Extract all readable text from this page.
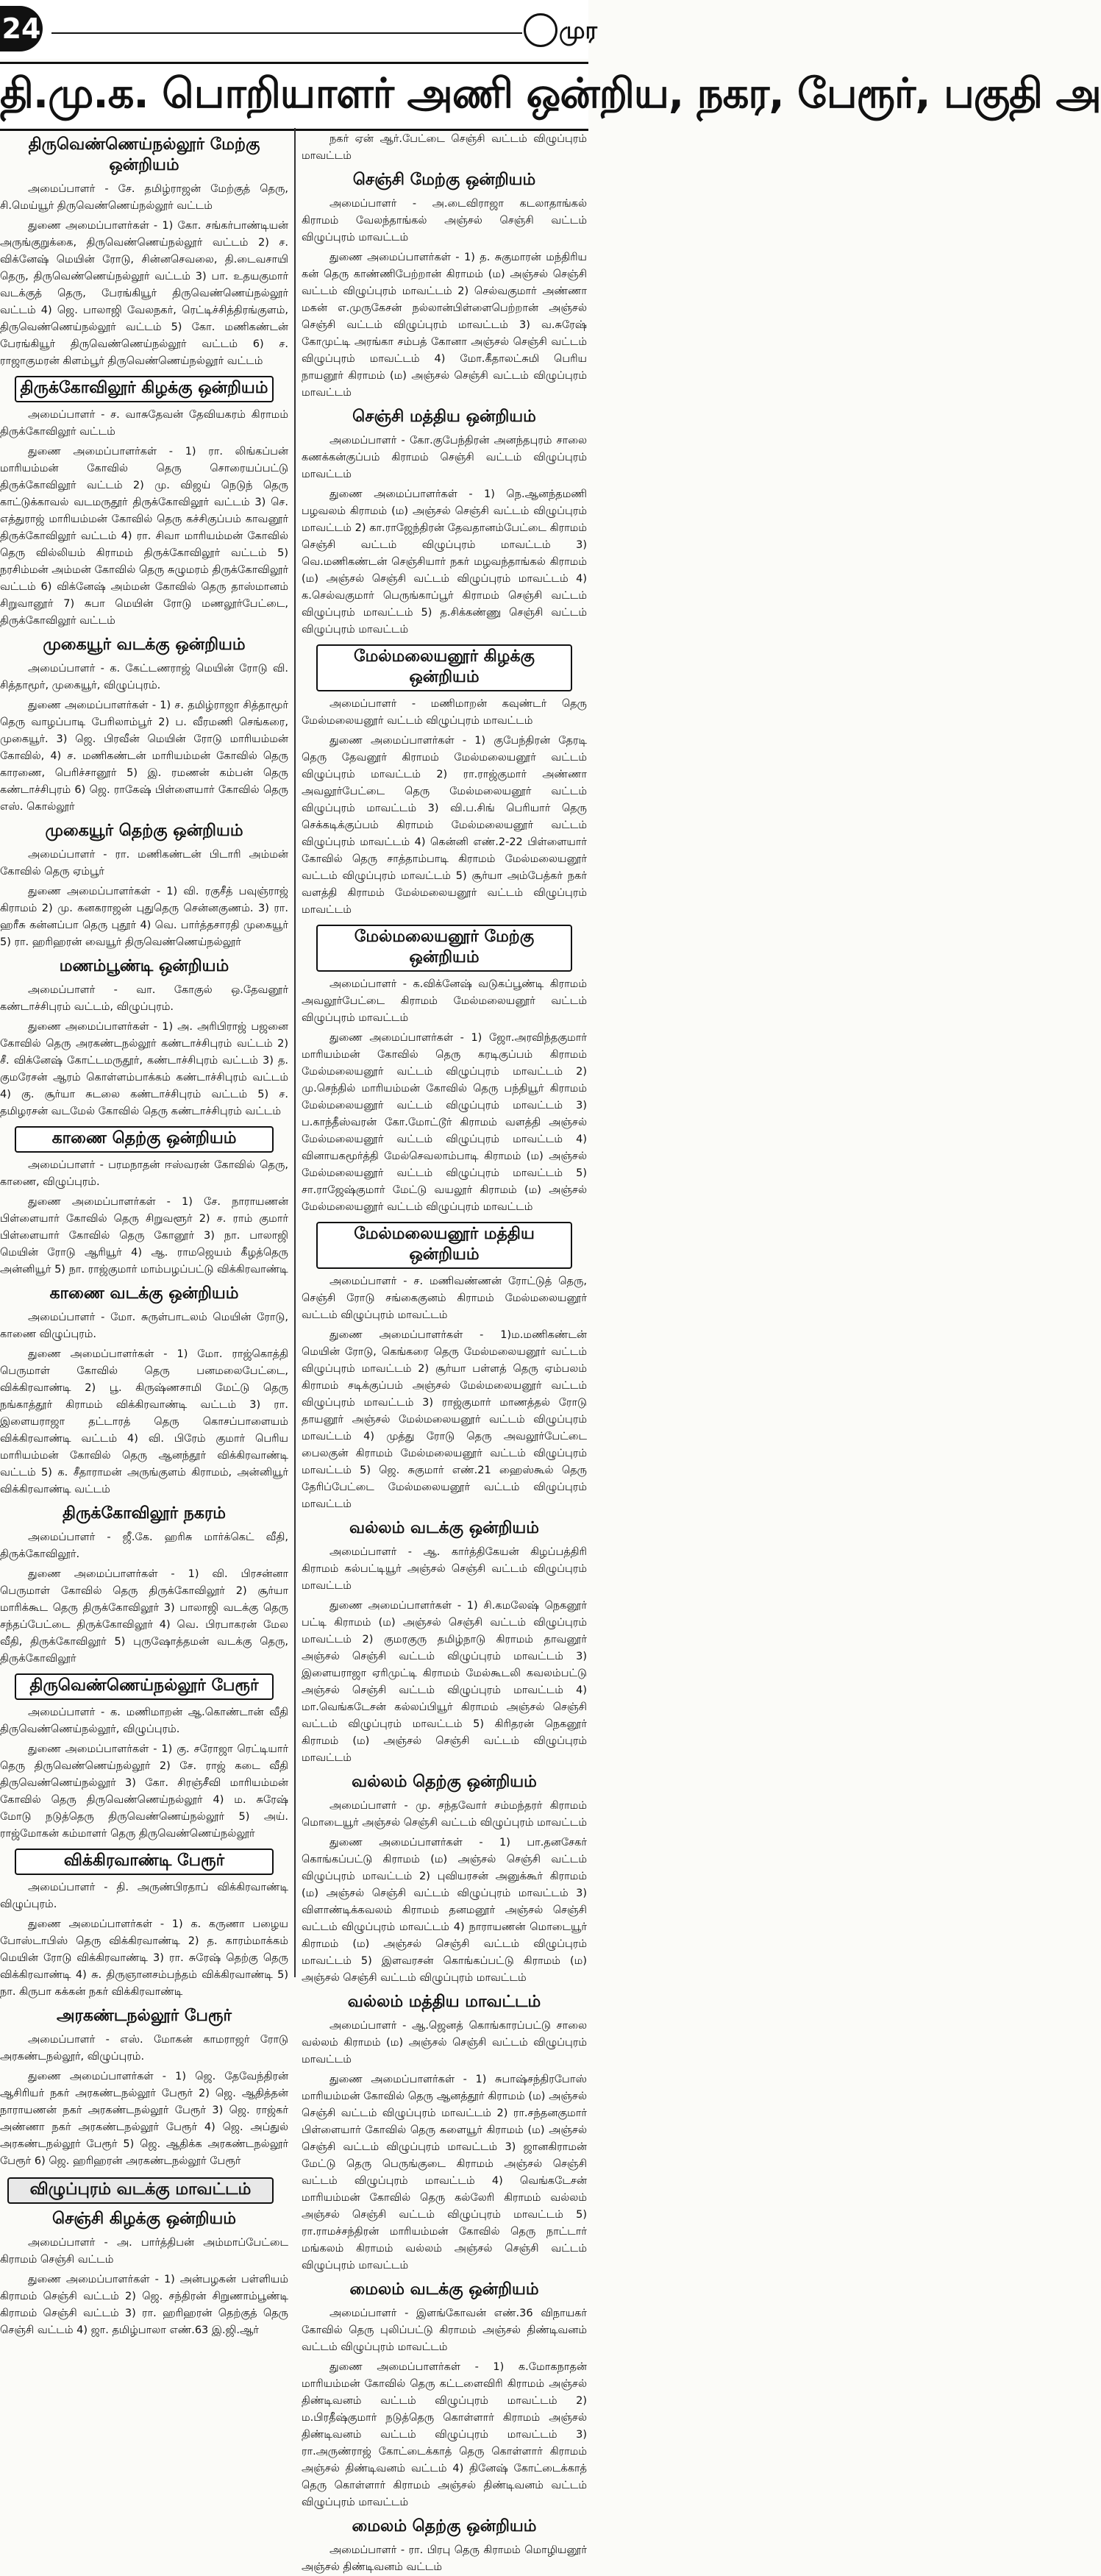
24	முர
தி.மு.க. பொறியாளர் அணி ஒன்றிய, நகர, பேரூர், பகுதி அ
திருவெண்ணெய்நல்லூர் மேற்கு ஒன்றியம்

அமைப்பாளர் - சே. தமிழ்ராஜன் மேற்குத் தெரு, சி.மெய்யூர் திருவெண்ணெய்நல்லூர் வட்டம்

துணை அமைப்பாளர்கள் - 1) கோ. சங்கர்பாண்டியன் அருங்குறுக்கை, திருவெண்ணெய்நல்லூர் வட்டம் 2) ச. விக்னேஷ் மெயின் ரோடு, சின்னசெவலை, தி.டைவசாயி தெரு, திருவெண்ணெய்நல்லூர் வட்டம் 3) பா. உதயகுமார் வடக்குத் தெரு, பேரங்கியூர் திருவெண்ணெய்நல்லூர் வட்டம் 4) ஜெ. பாலாஜி வேலநகர், ரெட்டிச்சித்திரங்குளம், திருவெண்ணெய்நல்லூர் வட்டம் 5) கோ. மணிகண்டன் பேரங்கியூர் திருவெண்ணெய்நல்லூர் வட்டம் 6) ச. ராஜாகுமரன் கிளம்பூர் திருவெண்ணெய்நல்லூர் வட்டம்

திருக்கோவிலூர் கிழக்கு ஒன்றியம்

அமைப்பாளர் - ச. வாசுதேவன் தேவியகரம் கிராமம் திருக்கோவிலூர் வட்டம்

துணை அமைப்பாளர்கள் - 1) ரா. லிங்கப்பன் மாரியம்மன் கோவில் தெரு சொரையப்பட்டு திருக்கோவிலூர் வட்டம் 2) மு. விஜய் நெடுந் தெரு காட்டுக்காவல் வடமருதூர் திருக்கோவிலூர் வட்டம் 3) செ. எத்துராஜ் மாரியம்மன் கோவில் தெரு கச்சிகுப்பம் காவனூர் திருக்கோவிலூர் வட்டம் 4) ரா. சிவா மாரியம்மன் கோவில் தெரு வில்லியம் கிராமம் திருக்கோவிலூர் வட்டம் 5) நரசிம்மன் அம்மன் கோவில் தெரு சுழுமரம் திருக்கோவிலூர் வட்டம் 6) விக்னேஷ் அம்மன் கோவில் தெரு தாஸ்மானம் சிறுவானூர் 7) சுபா மெயின் ரோடு மணலூர்பேட்டை, திருக்கோவிலூர் வட்டம்

முகையூர் வடக்கு ஒன்றியம்

அமைப்பாளர் - க. கேட்டணராஜ் மெயின் ரோடு வி. சித்தாமூர், முகையூர், விழுப்புரம்.

துணை அமைப்பாளர்கள் - 1) ச. தமிழ்ராஜா சித்தாமூர் தெரு வாழப்பாடி பேரிலாம்பூர் 2) ப. வீரமணி செங்கரை, முகையூர். 3) ஜெ. பிரவீன் மெயின் ரோடு மாரியம்மன் கோவில், 4) ச. மணிகண்டன் மாரியம்மன் கோவில் தெரு காரணை, பெரிச்சானூர் 5) இ. ரமணன் கம்பன் தெரு கண்டாச்சிபுரம் 6) ஜெ. ராகேஷ் பிள்ளையார் கோவில் தெரு எஸ். கொல்லூர்

முகையூர் தெற்கு ஒன்றியம்

அமைப்பாளர் - ரா. மணிகண்டன் பிடாரி அம்மன் கோவில் தெரு ஏம்பூர்

துணை அமைப்பாளர்கள் - 1) வி. ரகுசீத் பவுஞ்ராஜ் கிராமம் 2) மு. கனகராஜன் புதுதெரு சென்னகுணம். 3) ரா. ஹரீசு கன்னப்பா தெரு புதூர் 4) வெ. பார்த்தசாரதி முகையூர் 5) ரா. ஹரிஹரன் வையூர் திருவெண்ணெய்நல்லூர்

மணம்பூண்டி ஒன்றியம்

அமைப்பாளர் - வா. கோகுல் ஒ.தேவனூர் கண்டாச்சிபுரம் வட்டம், விழுப்புரம்.

துணை அமைப்பாளர்கள் - 1) அ. அரிபிராஜ் பஜனை கோவில் தெரு அரகண்டநல்லூர் கண்டாச்சிபுரம் வட்டம் 2) சீ. விக்னேஷ் கோட்டமருதூர், கண்டாச்சிபுரம் வட்டம் 3) த. குமரேசன் ஆரம் கொள்ளம்பாக்கம் கண்டாச்சிபுரம் வட்டம் 4) கு. சூர்யா சுடலை கண்டாச்சிபுரம் வட்டம் 5) ச. தமிழரசன் வடமேல் கோவில் தெரு கண்டாச்சிபுரம் வட்டம்

காணை தெற்கு ஒன்றியம்

அமைப்பாளர் - பரமநாதன் ஈஸ்வரன் கோவில் தெரு, காணை, விழுப்புரம்.

துணை அமைப்பாளர்கள் - 1) சே. நாராயணன் பிள்ளையார் கோவில் தெரு சிறுவளூர் 2) ச. ராம் குமார் பிள்ளையார் கோவில் தெரு கோனூர் 3) நா. பாலாஜி மெயின் ரோடு ஆரியூர் 4) ஆ. ராமஜெயம் கீழத்தெரு அன்னியூர் 5) நா. ராஜ்குமார் மாம்பழப்பட்டு விக்கிரவாண்டி

காணை வடக்கு ஒன்றியம்

அமைப்பாளர் - மோ. சுருள்பாடலம் மெயின் ரோடு, காணை விழுப்புரம்.

துணை அமைப்பாளர்கள் - 1) மோ. ராஜ்கொத்தி பெருமாள் கோவில் தெரு பனமலைபேட்டை, விக்கிரவாண்டி 2) பூ. கிருஷ்ணசாமி மேட்டு தெரு நங்காத்தூர் கிராமம் விக்கிரவாண்டி வட்டம் 3) ரா. இளையராஜா தட்டாரத் தெரு கொசப்பாளையம் விக்கிரவாண்டி வட்டம் 4) வி. பிரேம் குமார் பெரிய மாரியம்மன் கோவில் தெரு ஆனந்தூர் விக்கிரவாண்டி வட்டம் 5) க. சீதாராமன் அருங்குளம் கிராமம், அன்னியூர் விக்கிரவாண்டி வட்டம்

திருக்கோவிலூர் நகரம்

அமைப்பாளர் - ஜீ.கே. ஹரிசு மார்க்கெட் வீதி, திருக்கோவிலூர்.

துணை அமைப்பாளர்கள் - 1) வி. பிரசன்னா பெருமாள் கோவில் தெரு திருக்கோவிலூர் 2) சூர்யா மாரிக்கூட தெரு திருக்கோவிலூர் 3) பாலாஜி வடக்கு தெரு சந்தப்பேட்டை திருக்கோவிலூர் 4) வெ. பிரபாகரன் மேல வீதி, திருக்கோவிலூர் 5) புருஷோத்தமன் வடக்கு தெரு, திருக்கோவிலூர்

திருவெண்ணெய்நல்லூர் பேரூர்

அமைப்பாளர் - க. மணிமாறன் ஆ.கொண்டான் வீதி திருவெண்ணெய்நல்லூர், விழுப்புரம்.

துணை அமைப்பாளர்கள் - 1) கு. சரோஜா ரெட்டியார் தெரு திருவெண்ணெய்நல்லூர் 2) சே. ராஜ் கடை வீதி திருவெண்ணெய்நல்லூர் 3) கோ. சிரஞ்சீவி மாரியம்மன் கோவில் தெரு திருவெண்ணெய்நல்லூர் 4) ம. சுரேஷ் மோடு நடுத்தெரு திருவெண்ணெய்நல்லூர் 5) அய். ராஜ்மோகன் கம்மாளர் தெரு திருவெண்ணெய்நல்லூர்

விக்கிரவாண்டி பேரூர்

அமைப்பாளர் - தி. அருண்பிரதாப் விக்கிரவாண்டி விழுப்புரம்.

துணை அமைப்பாளர்கள் - 1) க. கருணா பழைய போஸ்டாபிஸ் தெரு விக்கிரவாண்டி 2) த. காரம்மாக்கம் மெயின் ரோடு விக்கிரவாண்டி 3) ரா. சுரேஷ் தெற்கு தெரு விக்கிரவாண்டி 4) சு. திருஞானசம்பந்தம் விக்கிரவாண்டி 5) நா. கிருபா கக்கன் நகர் விக்கிரவாண்டி

அரகண்டநல்லூர் பேரூர்

அமைப்பாளர் - எஸ். மோகன் காமராஜர் ரோடு அரகண்டநல்லூர், விழுப்புரம்.

துணை அமைப்பாளர்கள் - 1) ஜெ. தேவேந்திரன் ஆசிரியர் நகர் அரகண்டநல்லூர் பேரூர் 2) ஜெ. ஆதித்தன் நாராயணன் நகர் அரகண்டநல்லூர் பேரூர் 3) ஜெ. ராஜ்கர் அண்ணா நகர் அரகண்டநல்லூர் பேரூர் 4) ஜெ. அப்துல் அரகண்டநல்லூர் பேரூர் 5) ஜெ. ஆதிக்க அரகண்டநல்லூர் பேரூர் 6) ஜெ. ஹரிஹரன் அரகண்டநல்லூர் பேரூர்

விழுப்புரம் வடக்கு மாவட்டம்
செஞ்சி கிழக்கு ஒன்றியம்

அமைப்பாளர் - அ. பார்த்திபன் அம்மாப்பேட்டை கிராமம் செஞ்சி வட்டம்

துணை அமைப்பாளர்கள் - 1) அன்பழகன் பள்ளியம் கிராமம் செஞ்சி வட்டம் 2) ஜெ. சந்திரன் சிறுணாம்பூண்டி கிராமம் செஞ்சி வட்டம் 3) ரா. ஹரிஹரன் தெற்குத் தெரு செஞ்சி வட்டம் 4) ஜா. தமிழ்பாலா எண்.63 இ.ஜி.ஆர்

நகர் ஏன் ஆர்.பேட்டை செஞ்சி வட்டம் விழுப்புரம் மாவட்டம்

செஞ்சி மேற்கு ஒன்றியம்

அமைப்பாளர் - அ.டைவிராஜா கடலாதாங்கல் கிராமம் வேலந்தாங்கல் அஞ்சல் செஞ்சி வட்டம் விழுப்புரம் மாவட்டம்

துணை அமைப்பாளர்கள் - 1) த. சுகுமாரன் மந்திரிய கன் தெரு காண்ணிபேற்றான் கிராமம் (ம) அஞ்சல் செஞ்சி வட்டம் விழுப்புரம் மாவட்டம் 2) செல்வகுமார் அண்ணா மகன் எ.முருகேசன் நல்லான்பிள்ளைபெற்றான் அஞ்சல் செஞ்சி வட்டம் விழுப்புரம் மாவட்டம் 3) வ.சுரேஷ் கோமுட்டி அரங்கா சம்பத் கோனா அஞ்சல் செஞ்சி வட்டம் விழுப்புரம் மாவட்டம் 4) மோ.கீதாலட்சுமி பெரிய நாயனூர் கிராமம் (ம) அஞ்சல் செஞ்சி வட்டம் விழுப்புரம் மாவட்டம்

செஞ்சி மத்திய ஒன்றியம்

அமைப்பாளர் - கோ.குபேந்திரன் அனந்தபுரம் சாலை கணக்கன்குப்பம் கிராமம் செஞ்சி வட்டம் விழுப்புரம் மாவட்டம்

துணை அமைப்பாளர்கள் - 1) நெ.ஆனந்தமணி பழவலம் கிராமம் (ம) அஞ்சல் செஞ்சி வட்டம் விழுப்புரம் மாவட்டம் 2) கா.ராஜேந்திரன் தேவதானம்பேட்டை கிராமம் செஞ்சி வட்டம் விழுப்புரம் மாவட்டம் 3) வெ.மணிகண்டன் செஞ்சியார் நகர் மழவந்தாங்கல் கிராமம் (ம) அஞ்சல் செஞ்சி வட்டம் விழுப்புரம் மாவட்டம் 4) க.செல்வகுமார் பெருங்காப்பூர் கிராமம் செஞ்சி வட்டம் விழுப்புரம் மாவட்டம் 5) த.சிக்கண்ணு செஞ்சி வட்டம் விழுப்புரம் மாவட்டம்

மேல்மலையனூர் கிழக்கு ஒன்றியம்

அமைப்பாளர் - மணிமாறன் கவுண்டர் தெரு மேல்மலையனூர் வட்டம் விழுப்புரம் மாவட்டம்

துணை அமைப்பாளர்கள் - 1) குபேந்திரன் தேரடி தெரு தேவனூர் கிராமம் மேல்மலையனூர் வட்டம் விழுப்புரம் மாவட்டம் 2) ரா.ராஜ்குமார் அண்ணா அவலூர்பேட்டை தெரு மேல்மலையனூர் வட்டம் விழுப்புரம் மாவட்டம் 3) வி.ப.சிங் பெரியார் தெரு செக்கடிக்குப்பம் கிராமம் மேல்மலையனூர் வட்டம் விழுப்புரம் மாவட்டம் 4) கென்னி எண்.2-22 பிள்ளையார் கோவில் தெரு சாத்தாம்பாடி கிராமம் மேல்மலையனூர் வட்டம் விழுப்புரம் மாவட்டம் 5) சூர்யா அம்பேத்கர் நகர் வளத்தி கிராமம் மேல்மலையனூர் வட்டம் விழுப்புரம் மாவட்டம்

மேல்மலையனூர் மேற்கு ஒன்றியம்

அமைப்பாளர் - க.விக்னேஷ் வடுகப்பூண்டி கிராமம் அவலூர்பேட்டை கிராமம் மேல்மலையனூர் வட்டம் விழுப்புரம் மாவட்டம்

துணை அமைப்பாளர்கள் - 1) ஜோ.அரவிந்தகுமார் மாரியம்மன் கோவில் தெரு கரடிகுப்பம் கிராமம் மேல்மலையனூர் வட்டம் விழுப்புரம் மாவட்டம் 2) மு.செந்தில் மாரியம்மன் கோவில் தெரு பந்தியூர் கிராமம் மேல்மலையனூர் வட்டம் விழுப்புரம் மாவட்டம் 3) ப.காந்தீஸ்வரன் கோ.மோட்டூர் கிராமம் வளத்தி அஞ்சல் மேல்மலையனூர் வட்டம் விழுப்புரம் மாவட்டம் 4) வினாயகமூர்த்தி மேல்செவலாம்பாடி கிராமம் (ம) அஞ்சல் மேல்மலையனூர் வட்டம் விழுப்புரம் மாவட்டம் 5) சா.ராஜேஷ்குமார் மேட்டு வயலூர் கிராமம் (ம) அஞ்சல் மேல்மலையனூர் வட்டம் விழுப்புரம் மாவட்டம்

மேல்மலையனூர் மத்திய ஒன்றியம்

அமைப்பாளர் - ச. மணிவண்ணன் ரோட்டுத் தெரு, செஞ்சி ரோடு சங்கைகுனம் கிராமம் மேல்மலையனூர் வட்டம் விழுப்புரம் மாவட்டம்

துணை அமைப்பாளர்கள் - 1)ம.மணிகண்டன் மெயின் ரோடு, கெங்கரை தெரு மேல்மலையனூர் வட்டம் விழுப்புரம் மாவட்டம் 2) சூர்யா பள்ளத் தெரு ஏம்பலம் கிராமம் சடிக்குப்பம் அஞ்சல் மேல்மலையனூர் வட்டம் விழுப்புரம் மாவட்டம் 3) ராஜ்குமார் மாணத்தல் ரோடு தாயனூர் அஞ்சல் மேல்மலையனூர் வட்டம் விழுப்புரம் மாவட்டம் 4) முத்து ரோடு தெரு அவலூர்பேட்டை பைலகுன் கிராமம் மேல்மலையனூர் வட்டம் விழுப்புரம் மாவட்டம் 5) ஜெ. சுகுமார் எண்.21 ஹைஸ்கூல் தெரு தேரிப்பேட்டை மேல்மலையனூர் வட்டம் விழுப்புரம் மாவட்டம்

வல்லம் வடக்கு ஒன்றியம்

அமைப்பாளர் - ஆ. கார்த்திகேயன் கிழப்பத்திரி கிராமம் கல்பட்டியூர் அஞ்சல் செஞ்சி வட்டம் விழுப்புரம் மாவட்டம்

துணை அமைப்பாளர்கள் - 1) சி.கமலேஷ் நெகனூர் பட்டி கிராமம் (ம) அஞ்சல் செஞ்சி வட்டம் விழுப்புரம் மாவட்டம் 2) குமரகுரு தமிழ்நாடு கிராமம் தாவனூர் அஞ்சல் செஞ்சி வட்டம் விழுப்புரம் மாவட்டம் 3) இளையராஜா ஏரிமுட்டி கிராமம் மேல்கூடலி கவலம்பட்டு அஞ்சல் செஞ்சி வட்டம் விழுப்புரம் மாவட்டம் 4) மா.வெங்கடேசன் கல்லப்பியூர் கிராமம் அஞ்சல் செஞ்சி வட்டம் விழுப்புரம் மாவட்டம் 5) கிரிதரன் நெகனூர் கிராமம் (ம) அஞ்சல் செஞ்சி வட்டம் விழுப்புரம் மாவட்டம்

வல்லம் தெற்கு ஒன்றியம்

அமைப்பாளர் - மு. சந்தவோர் சம்மந்தரர் கிராமம் மொடையூர் அஞ்சல் செஞ்சி வட்டம் விழுப்புரம் மாவட்டம்

துணை அமைப்பாளர்கள் - 1) பா.தனசேகர் கொங்கப்பட்டு கிராமம் (ம) அஞ்சல் செஞ்சி வட்டம் விழுப்புரம் மாவட்டம் 2) புவியரசன் அனுக்கூர் கிராமம் (ம) அஞ்சல் செஞ்சி வட்டம் விழுப்புரம் மாவட்டம் 3) விளாண்டிக்கவலம் கிராமம் தனமனூர் அஞ்சல் செஞ்சி வட்டம் விழுப்புரம் மாவட்டம் 4) நாராயணன் மொடையூர் கிராமம் (ம) அஞ்சல் செஞ்சி வட்டம் விழுப்புரம் மாவட்டம் 5) இளவரசன் கொங்கப்பட்டு கிராமம் (ம) அஞ்சல் செஞ்சி வட்டம் விழுப்புரம் மாவட்டம்

வல்லம் மத்திய மாவட்டம்

அமைப்பாளர் - ஆ.ஜெனத் கொங்காரப்பட்டு சாலை வல்லம் கிராமம் (ம) அஞ்சல் செஞ்சி வட்டம் விழுப்புரம் மாவட்டம்

துணை அமைப்பாளர்கள் - 1) சுபாஷ்சந்திரபோஸ் மாரியம்மன் கோவில் தெரு ஆனத்தூர் கிராமம் (ம) அஞ்சல் செஞ்சி வட்டம் விழுப்புரம் மாவட்டம் 2) ரா.சந்தனகுமார் பிள்ளையார் கோவில் தெரு களையூர் கிராமம் (ம) அஞ்சல் செஞ்சி வட்டம் விழுப்புரம் மாவட்டம் 3) ஜானகிராமன் மேட்டு தெரு பெருங்குடை கிராமம் அஞ்சல் செஞ்சி வட்டம் விழுப்புரம் மாவட்டம் 4) வெங்கடேசன் மாரியம்மன் கோவில் தெரு கல்லேரி கிராமம் வல்லம் அஞ்சல் செஞ்சி வட்டம் விழுப்புரம் மாவட்டம் 5) ரா.ராமச்சந்திரன் மாரியம்மன் கோவில் தெரு நாட்டார் மங்கலம் கிராமம் வல்லம் அஞ்சல் செஞ்சி வட்டம் விழுப்புரம் மாவட்டம்

மைலம் வடக்கு ஒன்றியம்

அமைப்பாளர் - இளங்கோவன் எண்.36 விநாயகர் கோவில் தெரு புலிப்பட்டு கிராமம் அஞ்சல் திண்டிவனம் வட்டம் விழுப்புரம் மாவட்டம்

துணை அமைப்பாளர்கள் - 1) க.மோகநாதன் மாரியம்மன் கோவில் தெரு கட்டளைவிரி கிராமம் அஞ்சல் திண்டிவனம் வட்டம் விழுப்புரம் மாவட்டம் 2) ம.பிரதீஷ்குமார் நடுத்தெரு கொள்ளார் கிராமம் அஞ்சல் திண்டிவனம் வட்டம் விழுப்புரம் மாவட்டம் 3) ரா.அருண்ராஜ் கோட்டைக்காத் தெரு கொள்ளார் கிராமம் அஞ்சல் திண்டிவனம் வட்டம் 4) தினேஷ் கோட்டைக்காத் தெரு கொள்ளார் கிராமம் அஞ்சல் திண்டிவனம் வட்டம் விழுப்புரம் மாவட்டம்

மைலம் தெற்கு ஒன்றியம்

அமைப்பாளர் - ரா. பிரபு தெரு கிராமம் மொழியனூர் அஞ்சல் திண்டிவனம் வட்டம்
